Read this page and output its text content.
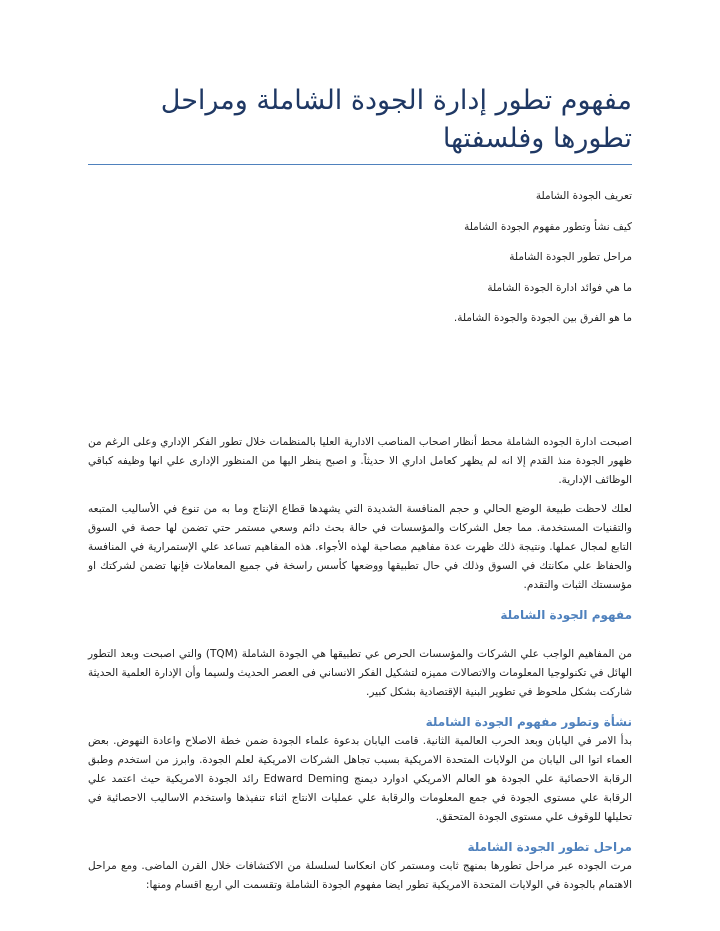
مفهوم تطور إدارة الجودة الشاملة ومراحل تطورها وفلسفتها
تعريف الجودة الشاملة
كيف نشأ وتطور مفهوم الجودة الشاملة
مراحل تطور الجودة الشاملة
ما هي فوائد ادارة الجودة الشاملة
ما هو الفرق بين الجودة والجودة الشاملة.

اصبحت ادارة الجوده الشاملة محط أنظار اصحاب المناصب الادارية العليا بالمنظمات خلال تطور الفكر الإداري وعلى الرغم من ظهور الجودة منذ القدم إلا انه لم يظهر كعامل اداري الا حديثاً. و اصبح ينظر اليها من المنظور الإدارى علي انها وظيفه كباقي الوظائف الإدارية.

لعلك لاحظت طبيعة الوضع الحالي و حجم المنافسة الشديدة التي يشهدها قطاع الإنتاج وما به من تنوع في الأساليب المتبعه والتقنيات المستخدمة. مما جعل الشركات والمؤسسات في حالة بحث دائم وسعي مستمر حتي تضمن لها حصة في السوق التابع لمجال عملها. ونتيجة ذلك ظهرت عدة مفاهيم مصاحبة لهذه الأجواء. هذه المفاهيم تساعد علي الإستمرارية في المنافسة والحفاظ علي مكانتك في السوق وذلك في حال تطبيقها ووضعها كأسس راسخة في جميع المعاملات فإنها تضمن لشركتك او مؤسستك الثبات والتقدم.

مفهوم الجودة الشاملة

من المفاهيم الواجب علي الشركات والمؤسسات الحرص عي تطبيقها هي الجودة الشاملة (TQM) والتي اصبحت وبعد التطور الهائل في تكنولوجيا المعلومات والاتصالات مميزه لتشكيل الفكر الانساني فى العصر الحديث ولسيما وأن الإدارة العلمية الحديثة شاركت بشكل ملحوظ في تطوير البنية الإقتصادية بشكل كبير.

نشأة وتطور مفهوم الجودة الشاملة

بدأ الامر في اليابان وبعد الحرب العالمية الثانية. قامت اليابان بدعوة علماء الجودة ضمن خطة الاصلاح واعادة النهوض. بعض العماء اتوا الى اليابان من الولايات المتحدة الامريكية بسبب تجاهل الشركات الامريكية لعلم الجودة. وابرز من استخدم وطبق الرقابة الاحصائية علي الجودة هو العالم الامريكي ادوارد ديمنج Edward Deming رائد الجودة الامريكية حيث اعتمد علي الرقابة علي مستوى الجودة في جمع المعلومات والرقابة علي عمليات الانتاج اثناء تنفيذها واستخدم الاساليب الاحصائية في تحليلها للوقوف علي مستوى الجودة المتحقق.

مراحل تطور الجودة الشاملة

مرت الجوده عبر مراحل تطورها بمنهج ثابت ومستمر كان انعكاسا لسلسلة من الاكتشافات خلال القرن الماضى. ومع مراحل الاهتمام بالجودة في الولايات المتحدة الامريكية تطور ايضا مفهوم الجودة الشاملة وتقسمت الي اربع اقسام ومنها:
